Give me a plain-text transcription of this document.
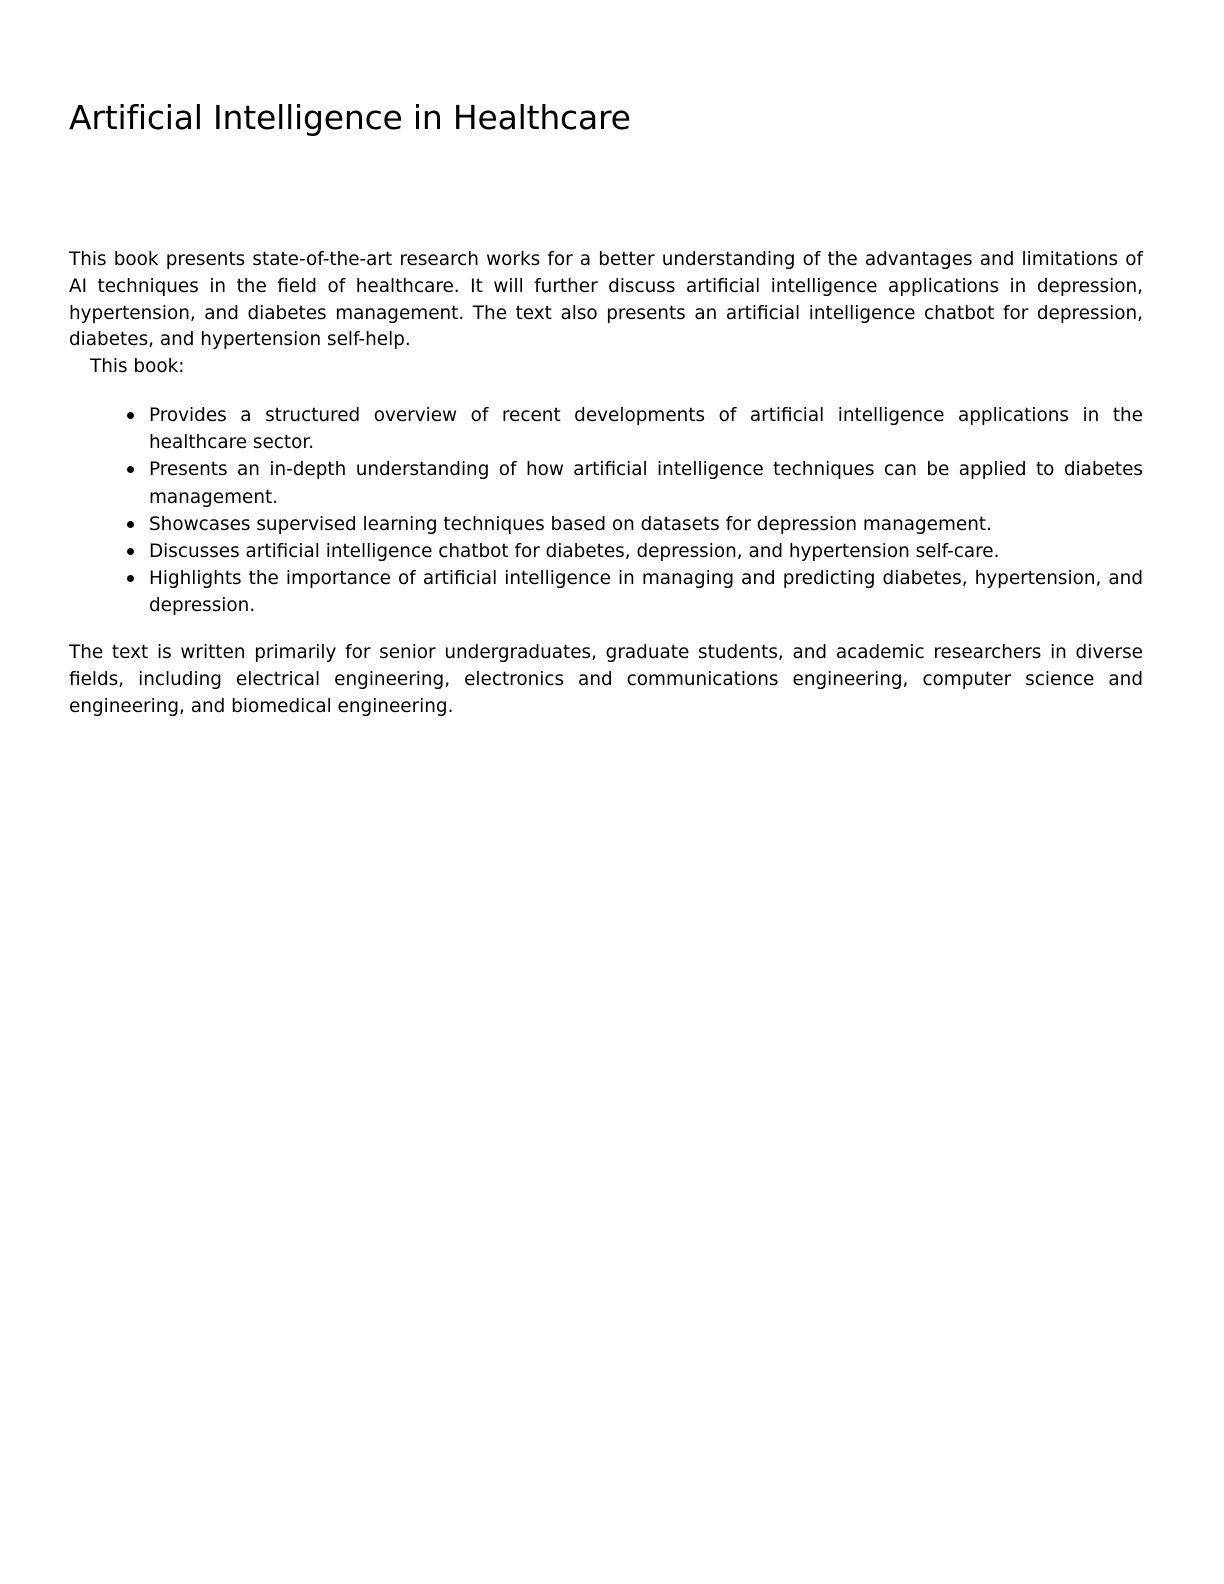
Artificial Intelligence in Healthcare

This book presents state-of-the-art research works for a better understanding of the advantages and limitations of AI techniques in the field of healthcare. It will further discuss artificial intelligence applications in depression, hypertension, and diabetes management. The text also presents an artificial intelligence chatbot for depression, diabetes, and hypertension self-help.

This book:

Provides a structured overview of recent developments of artificial intelligence applications in the healthcare sector.
Presents an in-depth understanding of how artificial intelligence techniques can be applied to diabetes management.
Showcases supervised learning techniques based on datasets for depression management.
Discusses artificial intelligence chatbot for diabetes, depression, and hypertension self-care.
Highlights the importance of artificial intelligence in managing and predicting diabetes, hypertension, and depression.

The text is written primarily for senior undergraduates, graduate students, and academic researchers in diverse fields, including electrical engineering, electronics and communications engineering, computer science and engineering, and biomedical engineering.
